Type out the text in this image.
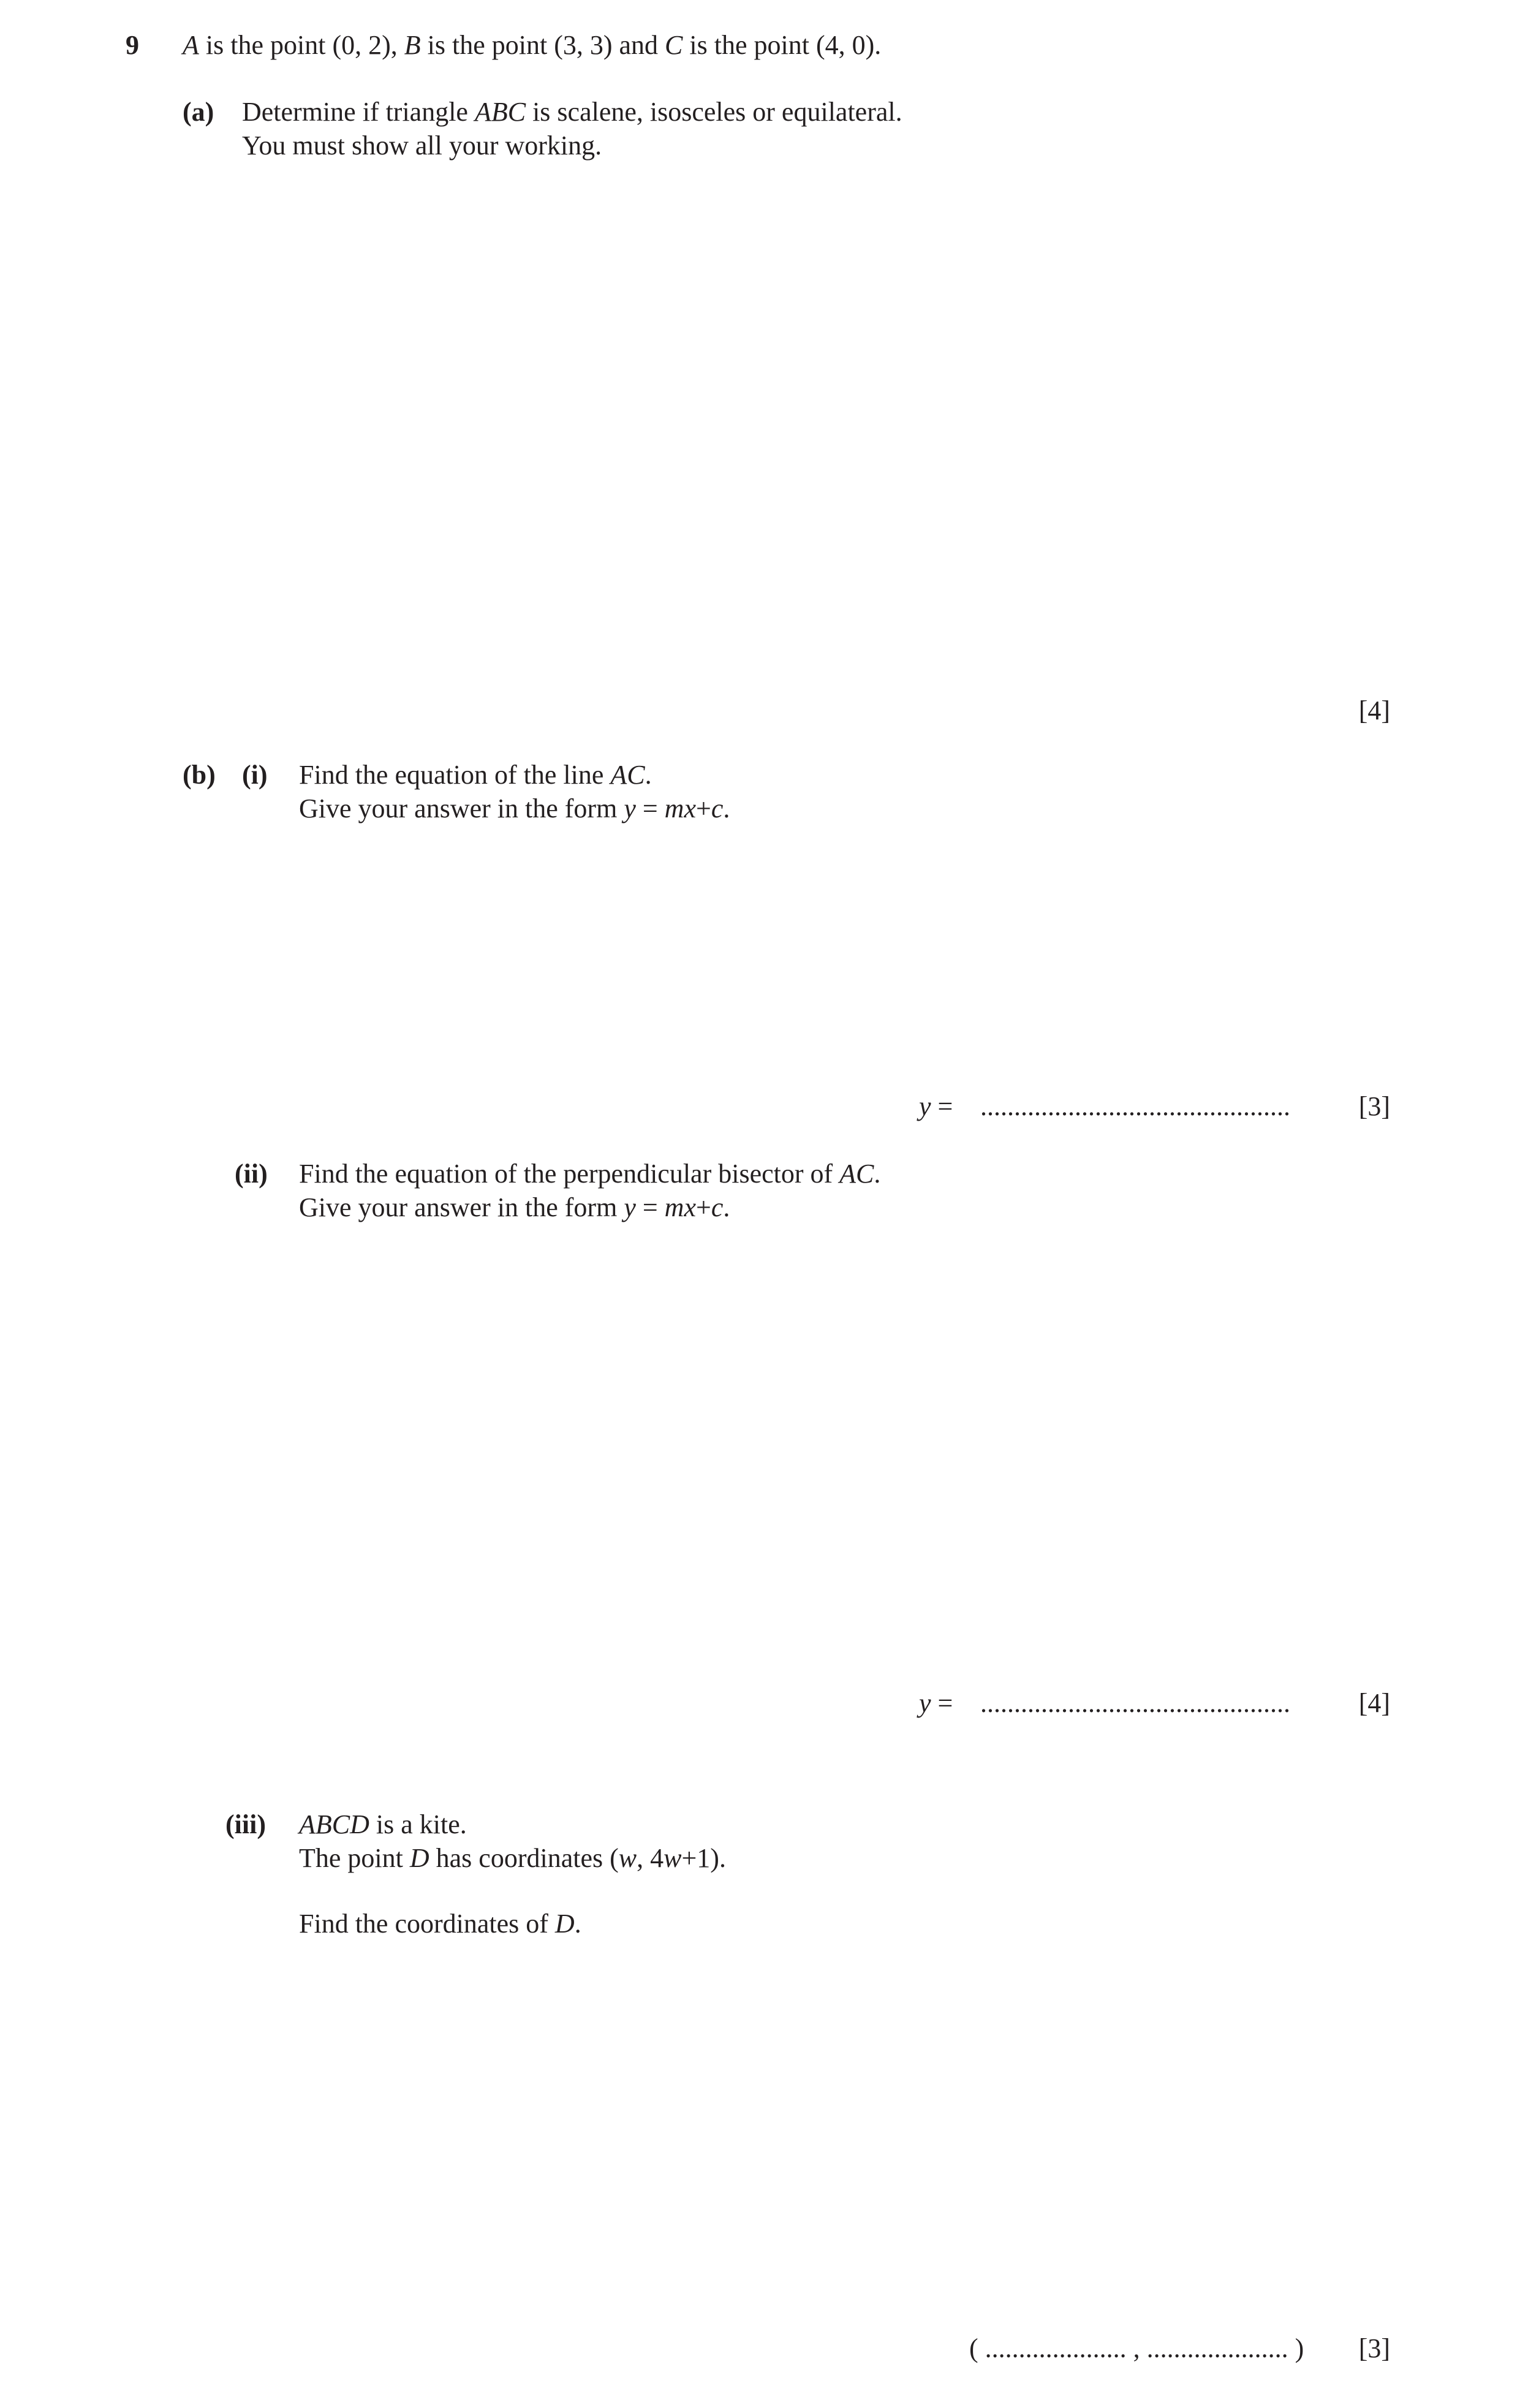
9 A is the point (0, 2), B is the point (3, 3) and C is the point (4, 0).
(a) Determine if triangle ABC is scalene, isosceles or equilateral.
You must show all your working.
[4]
(b) (i) Find the equation of the line AC.
Give your answer in the form y = mx+c.
y = ..............................................	[3]
(ii) Find the equation of the perpendicular bisector of AC.
Give your answer in the form y = mx+c.
y = ..............................................	[4]
(iii) ABCD is a kite.
The point D has coordinates (w, 4w+1).
Find the coordinates of D.
( ..................... , ..................... ) [3]
